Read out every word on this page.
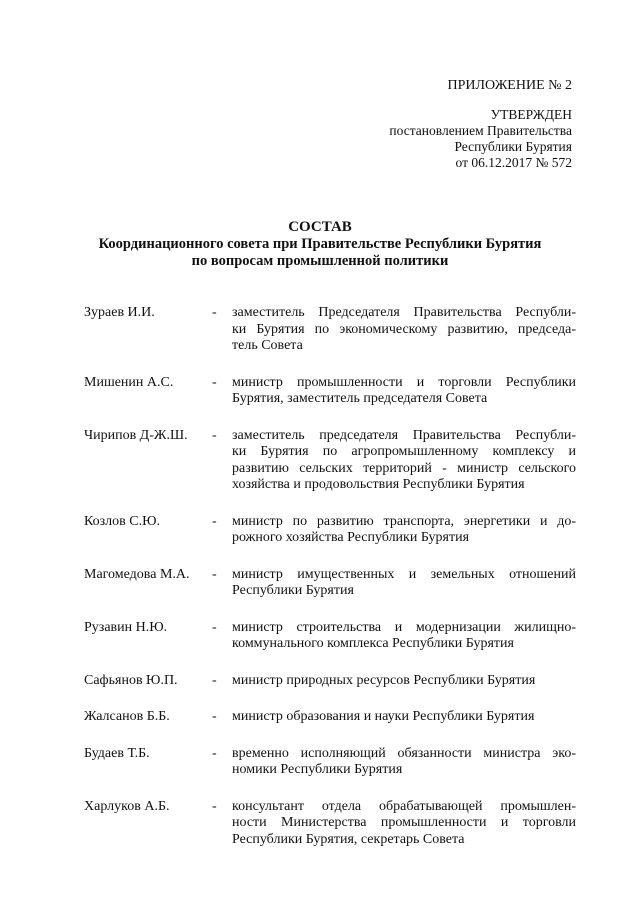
ПРИЛОЖЕНИЕ № 2
УТВЕРЖДЕН
постановлением Правительства
Республики Бурятия
от 06.12.2017 № 572
СОСТАВ
Координационного совета при Правительстве Республики Бурятия
по вопросам промышленной политики
Зураев И.И.	-	заместитель Председателя Правительства Республи-
ки Бурятия по экономическому развитию, председа-
тель Совета
Мишенин А.С.	-	министр промышленности и торговли Республики
Бурятия, заместитель председателя Совета
Чирипов Д-Ж.Ш.	-	заместитель председателя Правительства Республи-
ки Бурятия по агропромышленному комплексу и
развитию сельских территорий - министр сельского
хозяйства и продовольствия Республики Бурятия
Козлов С.Ю.	-	министр по развитию транспорта, энергетики и до-
рожного хозяйства Республики Бурятия
Магомедова М.А.	-	министр имущественных и земельных отношений
Республики Бурятия
Рузавин Н.Ю.	-	министр строительства и модернизации жилищно-
коммунального комплекса Республики Бурятия
Сафьянов Ю.П.	-	министр природных ресурсов Республики Бурятия
Жалсанов Б.Б.	-	министр образования и науки Республики Бурятия
Будаев Т.Б.	-	временно исполняющий обязанности министра эко-
номики Республики Бурятия
Харлуков А.Б.	-	консультант отдела обрабатывающей промышлен-
ности Министерства промышленности и торговли
Республики Бурятия, секретарь Совета
